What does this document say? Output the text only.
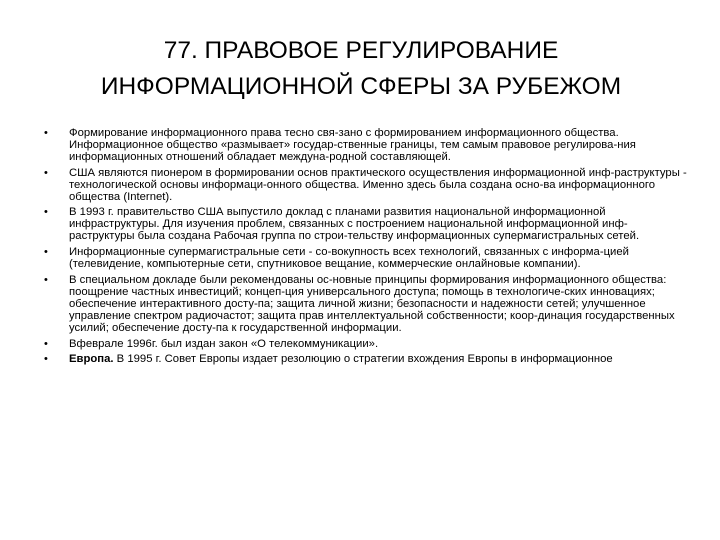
77. ПРАВОВОЕ РЕГУЛИРОВАНИЕ
ИНФОРМАЦИОННОЙ СФЕРЫ ЗА РУБЕЖОМ
•	Формирование информационного права тесно свя-зано с формированием информационного общества. Информационное общество «размывает» государ-ственные границы, тем самым правовое регулирова-ния информационных отношений обладает междуна-родной составляющей.
•	США являются пионером в формировании основ практического осуществления информационной инф-раструктуры - технологической основы информаци-онного общества. Именно здесь была создана осно-ва информационного общества (Internet).
•	В 1993 г. правительство США выпустило доклад с планами развития национальной информационной инфраструктуры. Для изучения проблем, связанных с построением национальной информационной инф-раструктуры была создана Рабочая группа по строи-тельству информационных супермагистральных сетей.
•	Информационные супермагистральные сети - со-вокупность всех технологий, связанных с информа-цией (телевидение, компьютерные сети, спутниковое вещание, коммерческие онлайновые компании).
•	В специальном докладе были рекомендованы ос-новные принципы формирования информационного общества: поощрение частных инвестиций; концеп-ция универсального доступа; помощь в технологиче-ских инновациях; обеспечение интерактивного досту-па; защита личной жизни; безопасности и надежности сетей; улучшенное управление спектром радиочастот; защита прав интеллектуальной собственности; коор-динация государственных усилий; обеспечение досту-па к государственной информации.
•	Вфеврале 1996г. был издан закон «О телекоммуникации».
•	Европа. В 1995 г. Совет Европы издает резолюцию о стратегии вхождения Европы в информационное
